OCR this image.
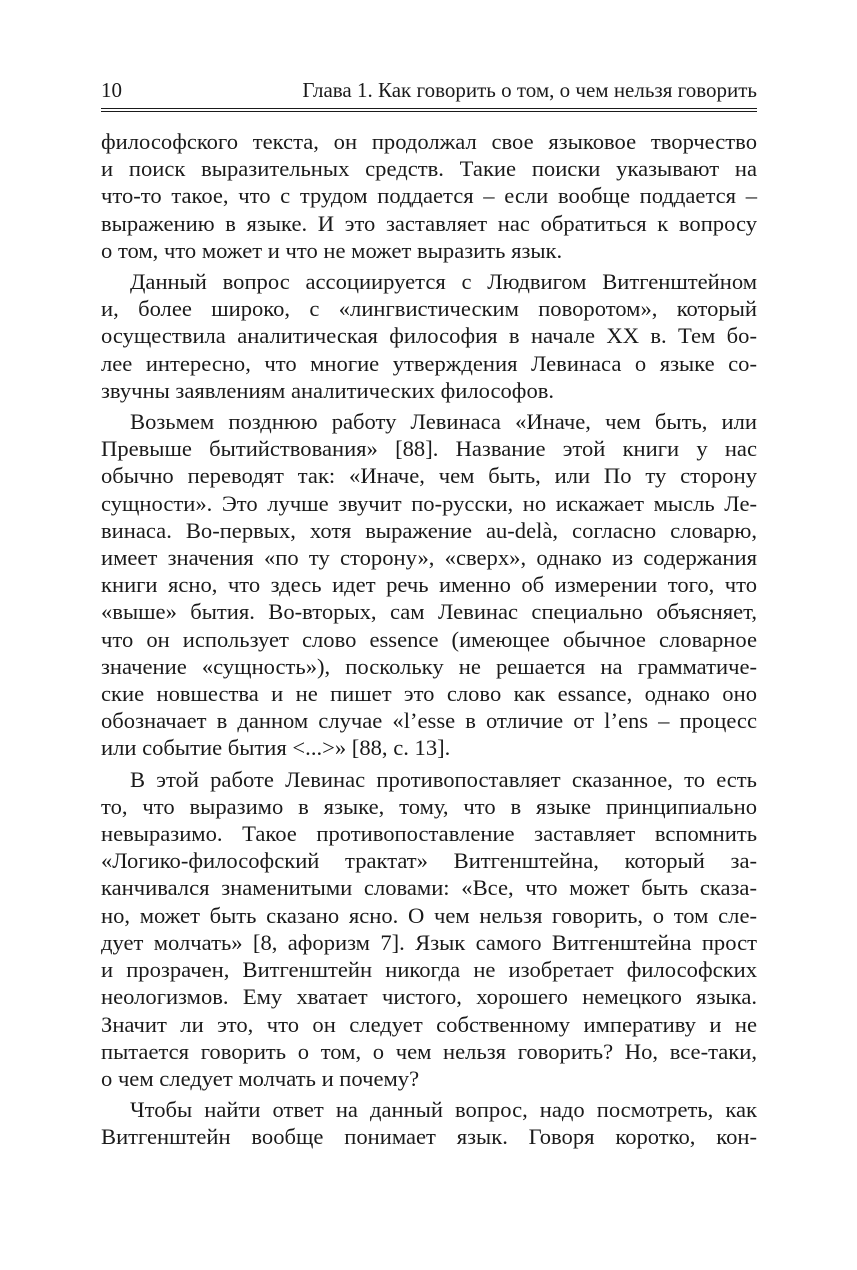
10	Глава 1. Как говорить о том, о чем нельзя говорить

философского текста, он продолжал свое языковое творчество
и поиск выразительных средств. Такие поиски указывают на
что-то такое, что с трудом поддается – если вообще поддается –
выражению в языке. И это заставляет нас обратиться к вопросу
о том, что может и что не может выразить язык.

Данный вопрос ассоциируется с Людвигом Витгенштейном
и, более широко, с «лингвистическим поворотом», который
осуществила аналитическая философия в начале XX в. Тем бо-
лее интересно, что многие утверждения Левинаса о языке со-
звучны заявлениям аналитических философов.

Возьмем позднюю работу Левинаса «Иначе, чем быть, или
Превыше бытийствования» [88]. Название этой книги у нас
обычно переводят так: «Иначе, чем быть, или По ту сторону
сущности». Это лучше звучит по-русски, но искажает мысль Ле-
винаса. Во-первых, хотя выражение au-delà, согласно словарю,
имеет значения «по ту сторону», «сверх», однако из содержания
книги ясно, что здесь идет речь именно об измерении того, что
«выше» бытия. Во-вторых, сам Левинас специально объясняет,
что он использует слово essence (имеющее обычное словарное
значение «сущность»), поскольку не решается на грамматиче-
ские новшества и не пишет это слово как essance, однако оно
обозначает в данном случае «l’esse в отличие от l’ens – процесс
или событие бытия <...>» [88, с. 13].

В этой работе Левинас противопоставляет сказанное, то есть
то, что выразимо в языке, тому, что в языке принципиально
невыразимо. Такое противопоставление заставляет вспомнить
«Логико-философский трактат» Витгенштейна, который за-
канчивался знаменитыми словами: «Все, что может быть сказа-
но, может быть сказано ясно. О чем нельзя говорить, о том сле-
дует молчать» [8, афоризм 7]. Язык самого Витгенштейна прост
и прозрачен, Витгенштейн никогда не изобретает философских
неологизмов. Ему хватает чистого, хорошего немецкого языка.
Значит ли это, что он следует собственному императиву и не
пытается говорить о том, о чем нельзя говорить? Но, все-таки,
о чем следует молчать и почему?

Чтобы найти ответ на данный вопрос, надо посмотреть, как
Витгенштейн вообще понимает язык. Говоря коротко, кон-
